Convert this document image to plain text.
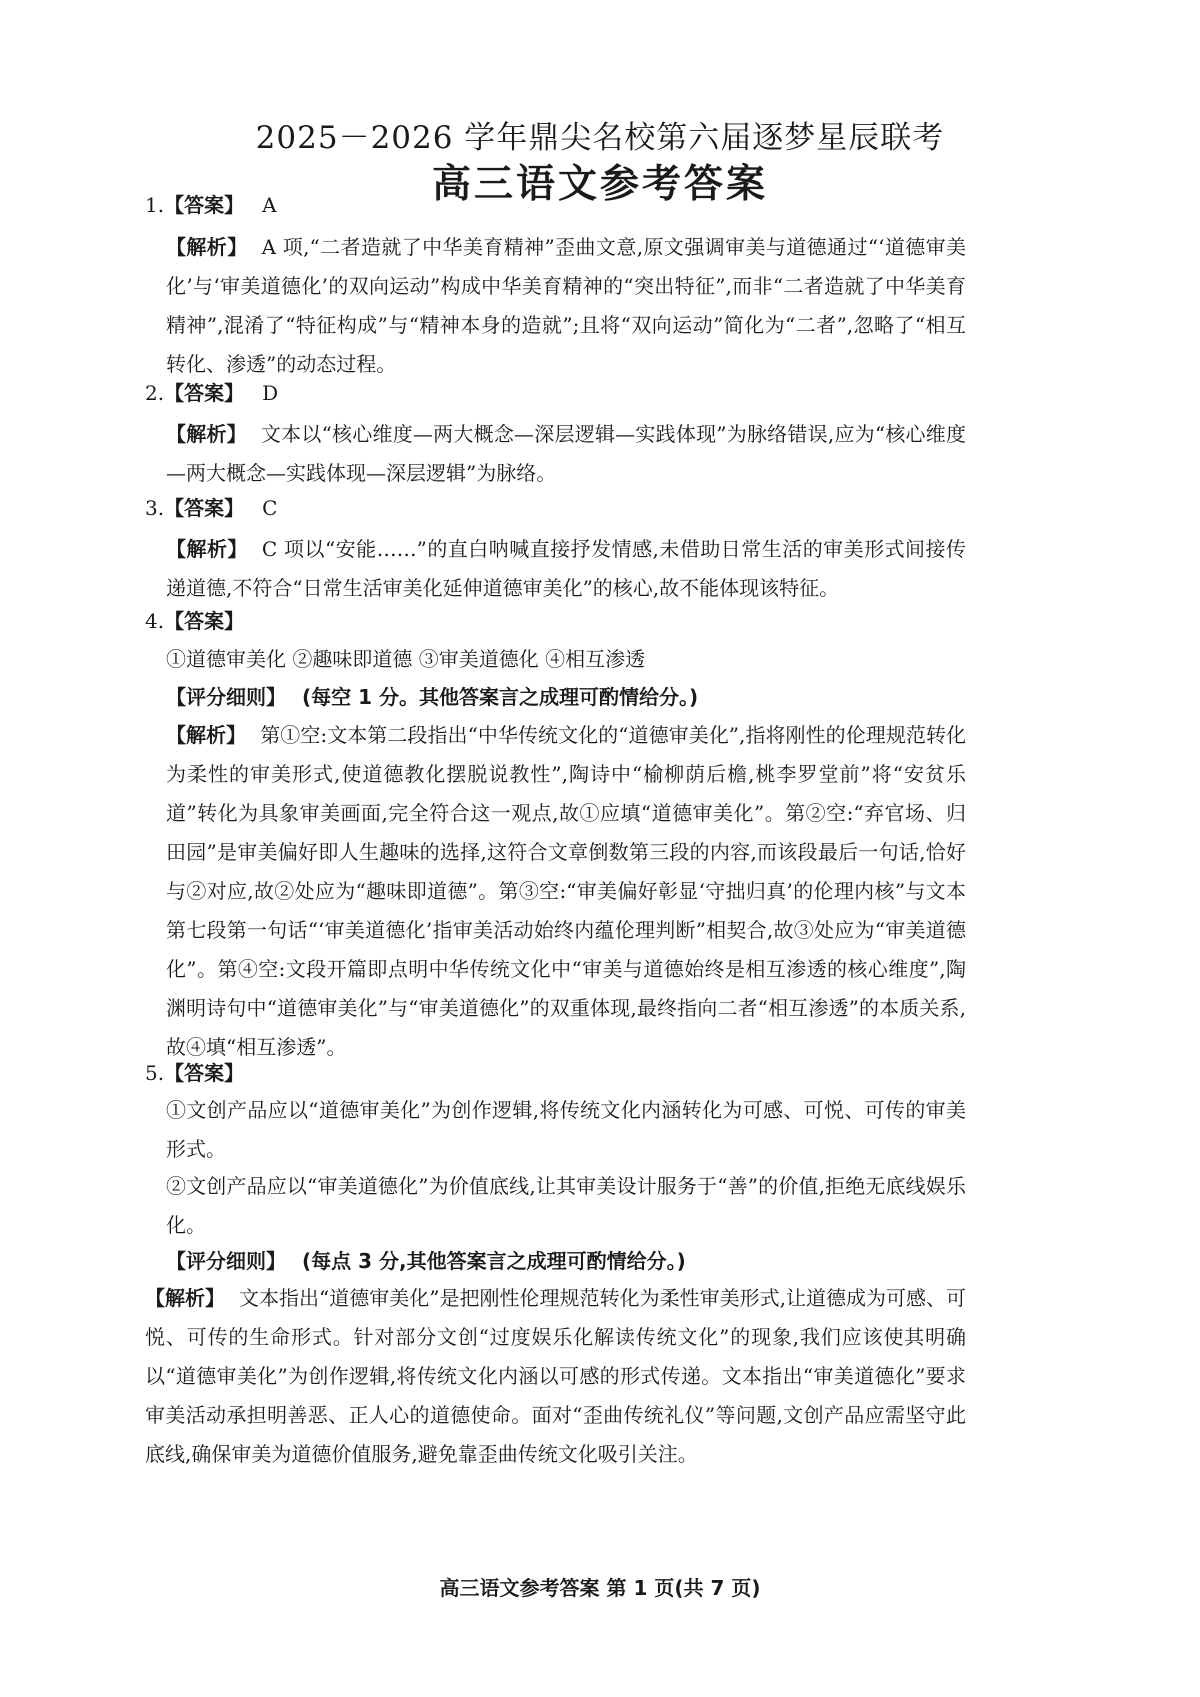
2025－2026 学年鼎尖名校第六届逐梦星辰联考
高三语文参考答案
1.【答案】 A
【解析】 A 项,“二者造就了中华美育精神”歪曲文意,原文强调审美与道德通过“‘道德审美化’与‘审美道德化’的双向运动”构成中华美育精神的“突出特征”,而非“二者造就了中华美育精神”,混淆了“特征构成”与“精神本身的造就”;且将“双向运动”简化为“二者”,忽略了“相互转化、渗透”的动态过程。
2.【答案】 D
【解析】 文本以“核心维度—两大概念—深层逻辑—实践体现”为脉络错误,应为“核心维度—两大概念—实践体现—深层逻辑”为脉络。
3.【答案】 C
【解析】 C 项以“安能……”的直白呐喊直接抒发情感,未借助日常生活的审美形式间接传递道德,不符合“日常生活审美化延伸道德审美化”的核心,故不能体现该特征。
4.【答案】
①道德审美化 ②趣味即道德 ③审美道德化 ④相互渗透
【评分细则】 (每空 1 分。其他答案言之成理可酌情给分。)
【解析】 第①空:文本第二段指出“中华传统文化的“道德审美化”,指将刚性的伦理规范转化为柔性的审美形式,使道德教化摆脱说教性”,陶诗中“榆柳荫后檐,桃李罗堂前”将“安贫乐道”转化为具象审美画面,完全符合这一观点,故①应填“道德审美化”。第②空:“弃官场、归田园”是审美偏好即人生趣味的选择,这符合文章倒数第三段的内容,而该段最后一句话,恰好与②对应,故②处应为“趣味即道德”。第③空:“审美偏好彰显‘守拙归真’的伦理内核”与文本第七段第一句话“‘审美道德化’指审美活动始终内蕴伦理判断”相契合,故③处应为“审美道德化”。第④空:文段开篇即点明中华传统文化中“审美与道德始终是相互渗透的核心维度”,陶渊明诗句中“道德审美化”与“审美道德化”的双重体现,最终指向二者“相互渗透”的本质关系,故④填“相互渗透”。
5.【答案】
①文创产品应以“道德审美化”为创作逻辑,将传统文化内涵转化为可感、可悦、可传的审美形式。
②文创产品应以“审美道德化”为价值底线,让其审美设计服务于“善”的价值,拒绝无底线娱乐化。
【评分细则】 (每点 3 分,其他答案言之成理可酌情给分。)
【解析】 文本指出“道德审美化”是把刚性伦理规范转化为柔性审美形式,让道德成为可感、可悦、可传的生命形式。针对部分文创“过度娱乐化解读传统文化”的现象,我们应该使其明确以“道德审美化”为创作逻辑,将传统文化内涵以可感的形式传递。文本指出“审美道德化”要求审美活动承担明善恶、正人心的道德使命。面对“歪曲传统礼仪”等问题,文创产品应需坚守此底线,确保审美为道德价值服务,避免靠歪曲传统文化吸引关注。
高三语文参考答案 第 1 页(共 7 页)
